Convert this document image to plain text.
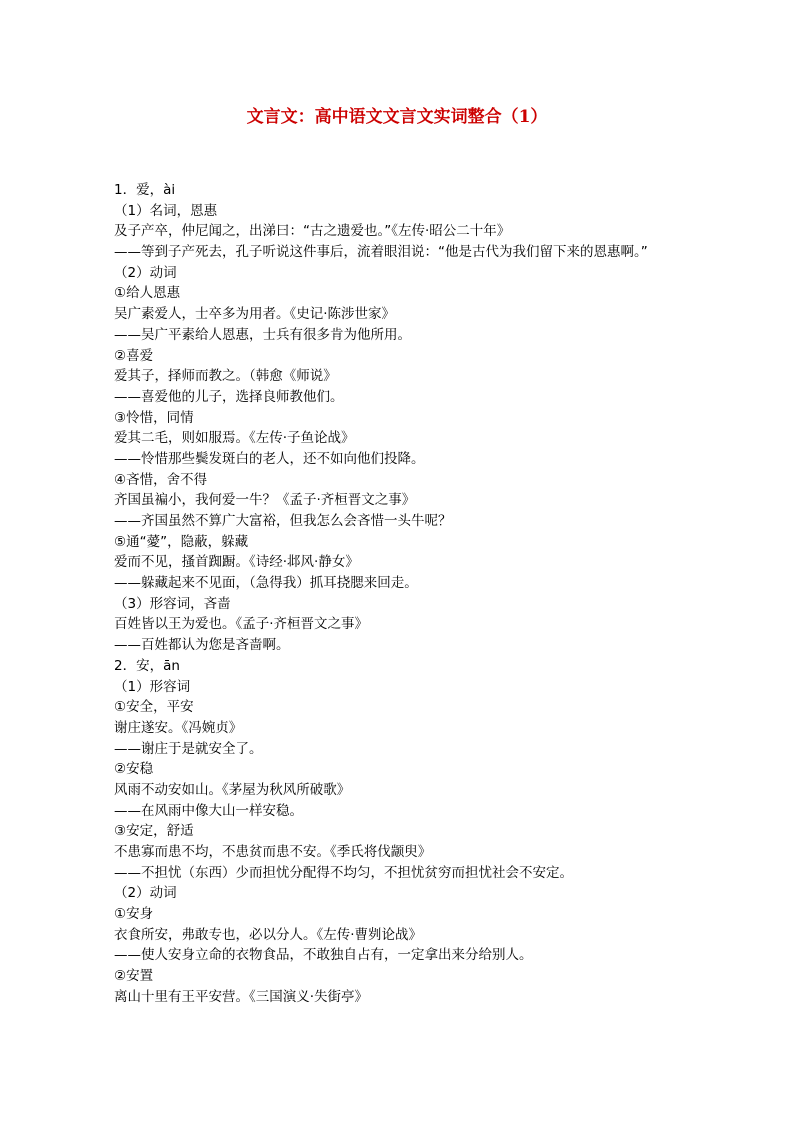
文言文：高中语文文言文实词整合（1）
1．爱，ài
（1）名词，恩惠
及子产卒，仲尼闻之，出涕曰：“古之遗爱也。”《左传·昭公二十年》
——等到子产死去，孔子听说这件事后，流着眼泪说：“他是古代为我们留下来的恩惠啊。”
（2）动词
①给人恩惠
吴广素爱人，士卒多为用者。《史记·陈涉世家》
——吴广平素给人恩惠，士兵有很多肯为他所用。
②喜爱
爱其子，择师而教之。（韩愈《师说》
——喜爱他的儿子，选择良师教他们。
③怜惜，同情
爱其二毛，则如服焉。《左传·子鱼论战》
——怜惜那些鬓发斑白的老人，还不如向他们投降。
④吝惜，舍不得
齐国虽褊小，我何爱一牛？《孟子·齐桓晋文之事》
——齐国虽然不算广大富裕，但我怎么会吝惜一头牛呢？
⑤通“薆”，隐蔽，躲藏
爱而不见，搔首踟蹰。《诗经·邶风·静女》
——躲藏起来不见面，（急得我）抓耳挠腮来回走。
（3）形容词，吝啬
百姓皆以王为爱也。《孟子·齐桓晋文之事》
——百姓都认为您是吝啬啊。
2．安，ān
（1）形容词
①安全，平安
谢庄遂安。《冯婉贞》
——谢庄于是就安全了。
②安稳
风雨不动安如山。《茅屋为秋风所破歌》
——在风雨中像大山一样安稳。
③安定，舒适
不患寡而患不均，不患贫而患不安。《季氏将伐颛臾》
——不担忧（东西）少而担忧分配得不均匀，不担忧贫穷而担忧社会不安定。
（2）动词
①安身
衣食所安，弗敢专也，必以分人。《左传·曹刿论战》
——使人安身立命的衣物食品，不敢独自占有，一定拿出来分给别人。
②安置
离山十里有王平安营。《三国演义·失街亭》
